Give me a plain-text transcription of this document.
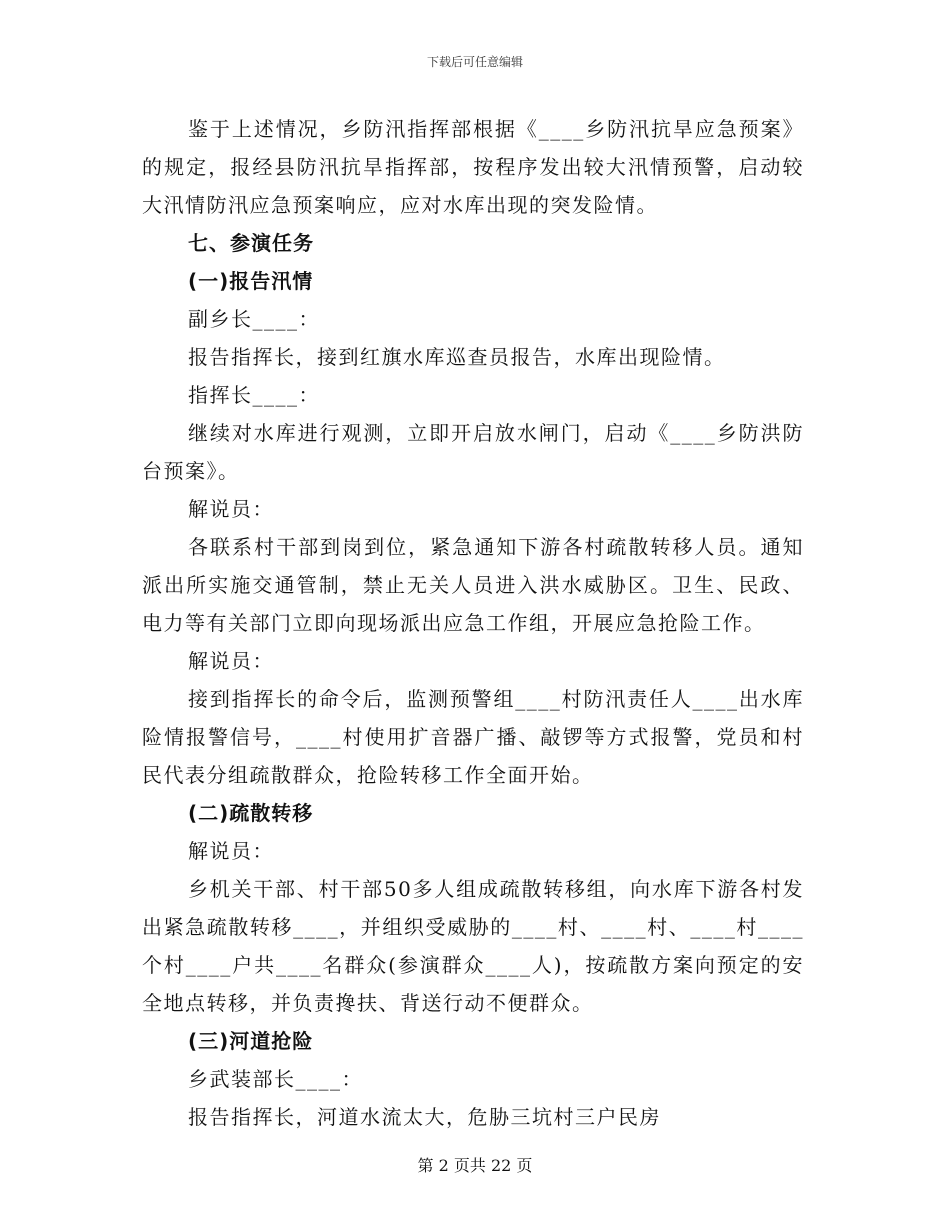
下载后可任意编辑
鉴于上述情况，乡防汛指挥部根据《____乡防汛抗旱应急预案》
的规定，报经县防汛抗旱指挥部，按程序发出较大汛情预警，启动较
大汛情防汛应急预案响应，应对水库出现的突发险情。
七、参演任务
(一)报告汛情
副乡长____：
报告指挥长，接到红旗水库巡查员报告，水库出现险情。
指挥长____：
继续对水库进行观测，立即开启放水闸门，启动《____乡防洪防
台预案》。
解说员：
各联系村干部到岗到位，紧急通知下游各村疏散转移人员。通知
派出所实施交通管制，禁止无关人员进入洪水威胁区。卫生、民政、
电力等有关部门立即向现场派出应急工作组，开展应急抢险工作。
解说员：
接到指挥长的命令后，监测预警组____村防汛责任人____出水库
险情报警信号，____村使用扩音器广播、敲锣等方式报警，党员和村
民代表分组疏散群众，抢险转移工作全面开始。
(二)疏散转移
解说员：
乡机关干部、村干部50多人组成疏散转移组，向水库下游各村发
出紧急疏散转移____，并组织受威胁的____村、____村、____村____
个村____户共____名群众(参演群众____人)，按疏散方案向预定的安
全地点转移，并负责搀扶、背送行动不便群众。
(三)河道抢险
乡武装部长____：
报告指挥长，河道水流太大，危胁三坑村三户民房
第 2 页共 22 页
